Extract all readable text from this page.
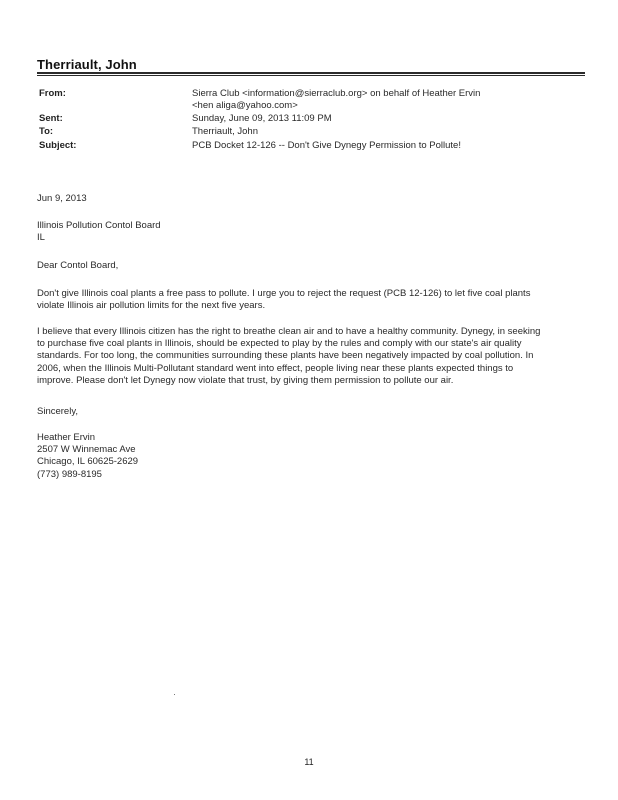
Therriault, John
From:	Sierra Club <information@sierraclub.org> on behalf of Heather Ervin
<hen aliga@yahoo.com>
Sent:	Sunday, June 09, 2013 11:09 PM
To:	Therriault, John
Subject:	PCB Docket 12-126 -- Don't Give Dynegy Permission to Pollute!

Jun 9, 2013

Illinois Pollution Contol Board

IL

Dear Contol Board,

Don't give Illinois coal plants a free pass to pollute. I urge you to reject the request (PCB 12-126) to let five coal plants

violate Illinois air pollution limits for the next five years.

I believe that every Illinois citizen has the right to breathe clean air and to have a healthy community. Dynegy, in seeking

to purchase five coal plants in Illinois, should be expected to play by the rules and comply with our state's air quality

standards. For too long, the communities surrounding these plants have been negatively impacted by coal pollution. In

2006, when the Illinois Multi-Pollutant standard went into effect, people living near these plants expected things to

improve. Please don't let Dynegy now violate that trust, by giving them permission to pollute our air.

Sincerely,

Heather Ervin

2507 W Winnemac Ave

Chicago, IL 60625-2629

(773) 989-8195

11
